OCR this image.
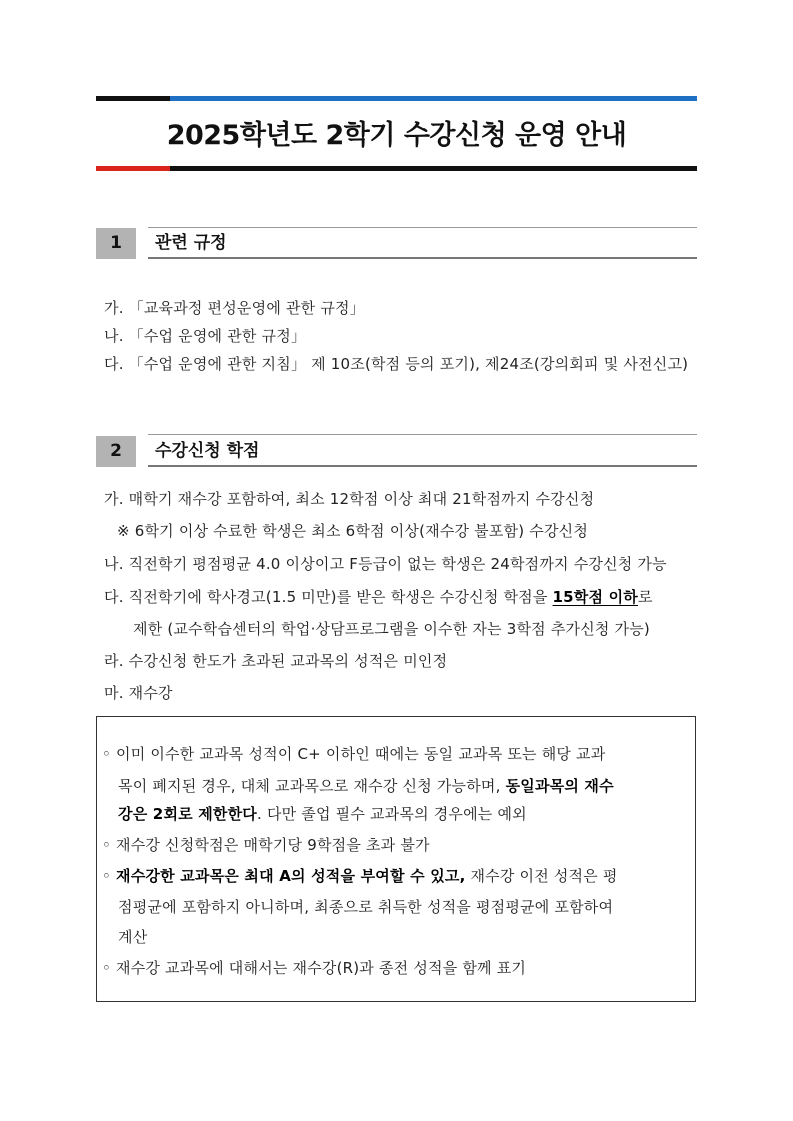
2025학년도 2학기 수강신청 운영 안내
1	관련 규정
가. 「교육과정 편성운영에 관한 규정」
나. 「수업 운영에 관한 규정」
다. 「수업 운영에 관한 지침」 제 10조(학점 등의 포기), 제24조(강의회피 및 사전신고)
2	수강신청 학점
가. 매학기 재수강 포함하여, 최소 12학점 이상 최대 21학점까지 수강신청
※ 6학기 이상 수료한 학생은 최소 6학점 이상(재수강 불포함) 수강신청
나. 직전학기 평점평균 4.0 이상이고 F등급이 없는 학생은 24학점까지 수강신청 가능
다. 직전학기에 학사경고(1.5 미만)를 받은 학생은 수강신청 학점을 15학점 이하로
제한 (교수학습센터의 학업·상담프로그램을 이수한 자는 3학점 추가신청 가능)
라. 수강신청 한도가 초과된 교과목의 성적은 미인정
마. 재수강
◦ 이미 이수한 교과목 성적이 C+ 이하인 때에는 동일 교과목 또는 해당 교과
목이 폐지된 경우, 대체 교과목으로 재수강 신청 가능하며, 동일과목의 재수
강은 2회로 제한한다. 다만 졸업 필수 교과목의 경우에는 예외
◦ 재수강 신청학점은 매학기당 9학점을 초과 불가
◦ 재수강한 교과목은 최대 A의 성적을 부여할 수 있고, 재수강 이전 성적은 평
점평균에 포함하지 아니하며, 최종으로 취득한 성적을 평점평균에 포함하여
계산
◦ 재수강 교과목에 대해서는 재수강(R)과 종전 성적을 함께 표기
